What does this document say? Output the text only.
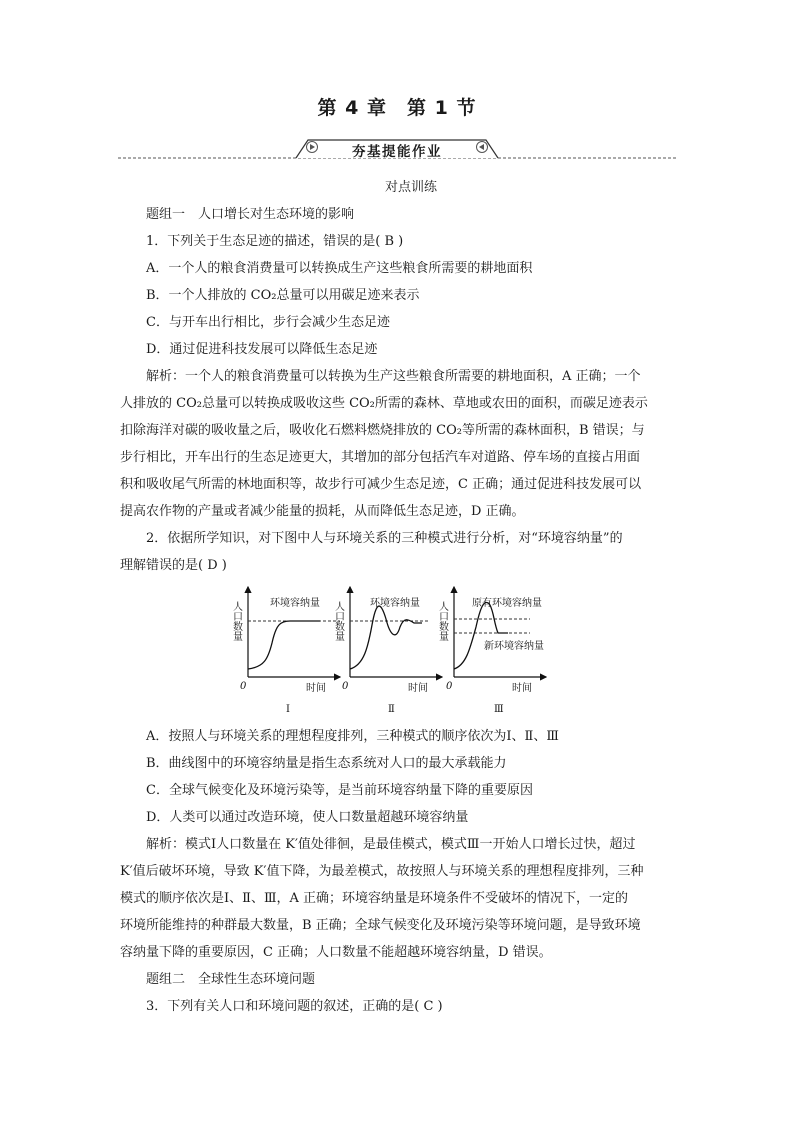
第 4 章　第 1 节
夯基提能作业

对点训练

题组一　人口增长对生态环境的影响

1．下列关于生态足迹的描述，错误的是( B )

A．一个人的粮食消费量可以转换成生产这些粮食所需要的耕地面积

B．一个人排放的 CO₂总量可以用碳足迹来表示

C．与开车出行相比，步行会减少生态足迹

D．通过促进科技发展可以降低生态足迹

解析：一个人的粮食消费量可以转换为生产这些粮食所需要的耕地面积，A 正确；一个

人排放的 CO₂总量可以转换成吸收这些 CO₂所需的森林、草地或农田的面积，而碳足迹表示

扣除海洋对碳的吸收量之后，吸收化石燃料燃烧排放的 CO₂等所需的森林面积，B 错误；与

步行相比，开车出行的生态足迹更大，其增加的部分包括汽车对道路、停车场的直接占用面

积和吸收尾气所需的林地面积等，故步行可减少生态足迹，C 正确；通过促进科技发展可以

提高农作物的产量或者减少能量的损耗，从而降低生态足迹，D 正确。

2．依据所学知识，对下图中人与环境关系的三种模式进行分析，对“环境容纳量”的

理解错误的是( D )

人口数量	环境容纳量
0	时间
Ⅰ
人口数量	环境容纳量
0	时间
Ⅱ
人口数量 原有环境容纳量
新环境容纳量
0	时间
Ⅲ

A．按照人与环境关系的理想程度排列，三种模式的顺序依次为Ⅰ、Ⅱ、Ⅲ

B．曲线图中的环境容纳量是指生态系统对人口的最大承载能力

C．全球气候变化及环境污染等，是当前环境容纳量下降的重要原因

D．人类可以通过改造环境，使人口数量超越环境容纳量

解析：模式Ⅰ人口数量在 K′值处徘徊，是最佳模式，模式Ⅲ一开始人口增长过快，超过

K′值后破坏环境，导致 K′值下降，为最差模式，故按照人与环境关系的理想程度排列，三种

模式的顺序依次是Ⅰ、Ⅱ、Ⅲ，A 正确；环境容纳量是环境条件不受破坏的情况下，一定的

环境所能维持的种群最大数量，B 正确；全球气候变化及环境污染等环境问题，是导致环境

容纳量下降的重要原因，C 正确；人口数量不能超越环境容纳量，D 错误。

题组二　全球性生态环境问题

3．下列有关人口和环境问题的叙述，正确的是( C )
